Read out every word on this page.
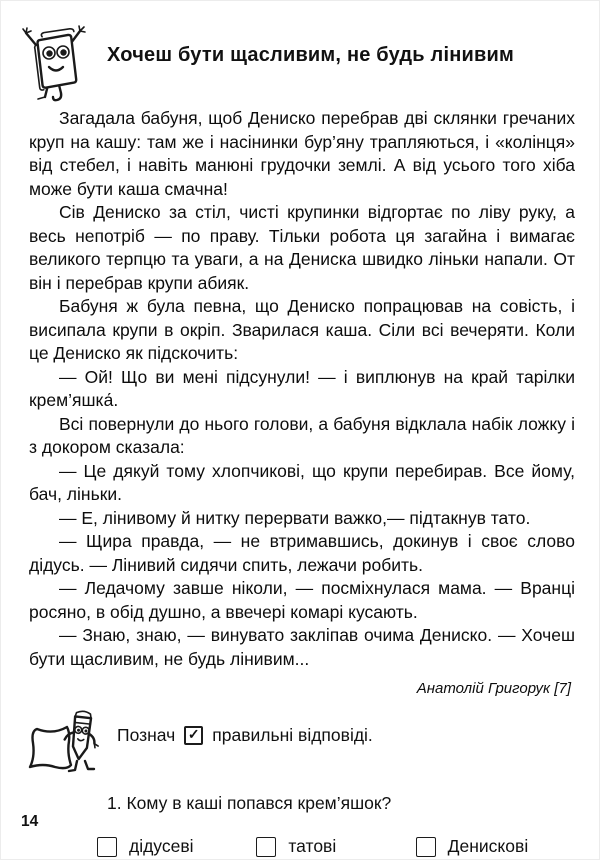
Хочеш бути щасливим, не будь лінивим

Загадала бабуня, щоб Дениско перебрав дві склянки гречаних круп на кашу: там же і насінинки бур’яну трапляються, і «колінця» від стебел, і навіть манюні грудочки землі. А від усього того хіба може бути каша смачна!

Сів Дениско за стіл, чисті крупинки відгортає по ліву руку, а весь непотріб — по праву. Тільки робота ця загайна і вимагає великого терпцю та уваги, а на Дениска швидко ліньки напали. От він і перебрав крупи абияк.

Бабуня ж була певна, що Дениско попрацював на совість, і висипала крупи в окріп. Зварилася каша. Сіли всі вечеряти. Коли це Дениско як підскочить:

— Ой! Що ви мені підсунули! — і виплюнув на край тарілки крем’яшка́.

Всі повернули до нього голови, а бабуня відклала набік ложку і з докором сказала:

— Це дякуй тому хлопчикові, що крупи перебирав. Все йому, бач, ліньки.

— Е, лінивому й нитку перервати важко,— підтакнув тато.

— Щира правда, — не втримавшись, докинув і своє слово дідусь. — Лінивий сидячи спить, лежачи робить.

— Ледачому завше ніколи, — посміхнулася мама. — Вранці росяно, в обід душно, а ввечері комарі кусають.

— Знаю, знаю, — винувато закліпав очима Дениско. — Хочеш бути щасливим, не будь лінивим...

Анатолій Григорук [7]
Познач ✓ правильні відповіді.
1. Кому в каші попався крем’яшок?
дідусеві	татові	Денискові
14
